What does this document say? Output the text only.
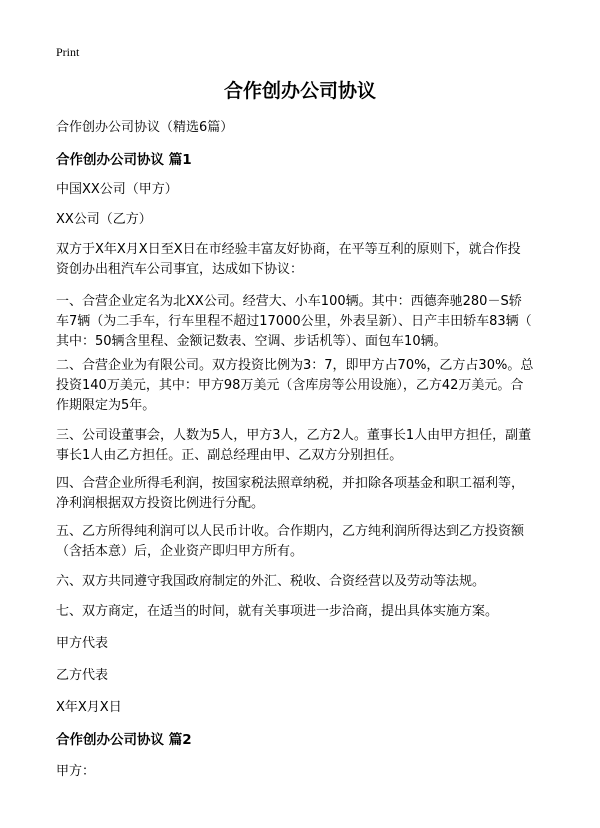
Print
合作创办公司协议
合作创办公司协议（精选6篇）
合作创办公司协议 篇1
中国XX公司（甲方）
XX公司（乙方）
双方于X年X月X日至X日在市经验丰富友好协商，在平等互利的原则下，就合作投
资创办出租汽车公司事宜，达成如下协议：
一、合营企业定名为北XX公司。经营大、小车100辆。其中：西德奔驰280－S轿
车7辆（为二手车，行车里程不超过17000公里，外表呈新）、日产丰田轿车83辆（
其中：50辆含里程、金额记数表、空调、步话机等）、面包车10辆。
二、合营企业为有限公司。双方投资比例为3：7，即甲方占70%，乙方占30%。总
投资140万美元，其中：甲方98万美元（含库房等公用设施），乙方42万美元。合
作期限定为5年。
三、公司设董事会，人数为5人，甲方3人，乙方2人。董事长1人由甲方担任，副董
事长1人由乙方担任。正、副总经理由甲、乙双方分别担任。
四、合营企业所得毛利润，按国家税法照章纳税，并扣除各项基金和职工福利等，
净利润根据双方投资比例进行分配。
五、乙方所得纯利润可以人民币计收。合作期内，乙方纯利润所得达到乙方投资额
（含括本意）后，企业资产即归甲方所有。
六、双方共同遵守我国政府制定的外汇、税收、合资经营以及劳动等法规。
七、双方商定，在适当的时间，就有关事项进一步洽商，提出具体实施方案。
甲方代表
乙方代表
X年X月X日
合作创办公司协议 篇2
甲方：
